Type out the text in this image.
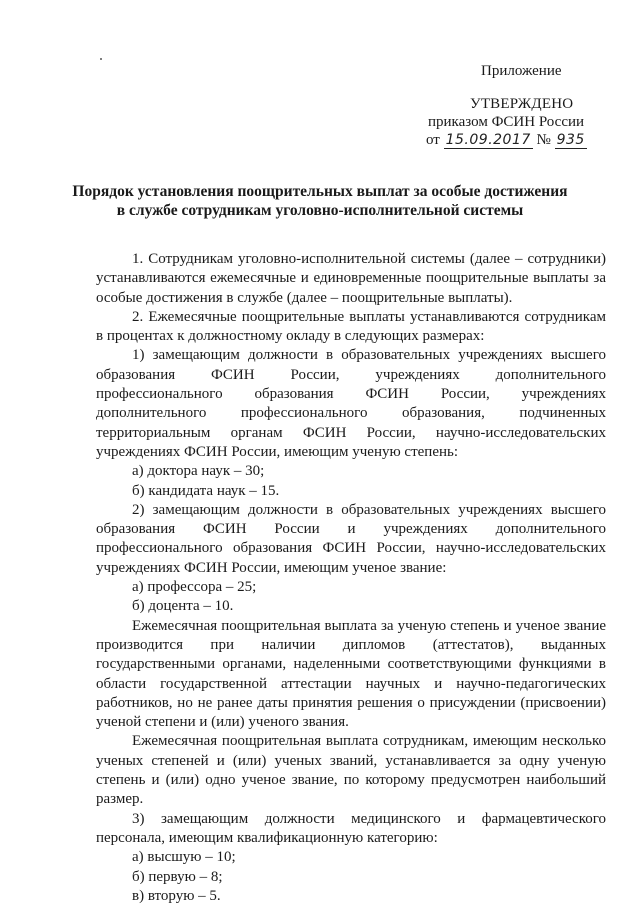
Приложение
УТВЕРЖДЕНО
приказом ФСИН России
от 15.09.2017 № 935
Порядок установления поощрительных выплат за особые достижения
в службе сотрудникам уголовно-исполнительной системы

1. Сотрудникам уголовно-исполнительной системы (далее – сотрудники) устанавливаются ежемесячные и единовременные поощрительные выплаты за особые достижения в службе (далее – поощрительные выплаты).

2. Ежемесячные поощрительные выплаты устанавливаются сотрудникам в процентах к должностному окладу в следующих размерах:

1) замещающим должности в образовательных учреждениях высшего образования ФСИН России, учреждениях дополнительного профессионального образования ФСИН России, учреждениях дополнительного профессионального образования, подчиненных территориальным органам ФСИН России, научно-исследовательских учреждениях ФСИН России, имеющим ученую степень:

а) доктора наук – 30;

б) кандидата наук – 15.

2) замещающим должности в образовательных учреждениях высшего образования ФСИН России и учреждениях дополнительного профессионального образования ФСИН России, научно-исследовательских учреждениях ФСИН России, имеющим ученое звание:

а) профессора – 25;

б) доцента – 10.

Ежемесячная поощрительная выплата за ученую степень и ученое звание производится при наличии дипломов (аттестатов), выданных государственными органами, наделенными соответствующими функциями в области государственной аттестации научных и научно-педагогических работников, но не ранее даты принятия решения о присуждении (присвоении) ученой степени и (или) ученого звания.

Ежемесячная поощрительная выплата сотрудникам, имеющим несколько ученых степеней и (или) ученых званий, устанавливается за одну ученую степень и (или) одно ученое звание, по которому предусмотрен наибольший размер.

3) замещающим должности медицинского и фармацевтического персонала, имеющим квалификационную категорию:

а) высшую – 10;

б) первую – 8;

в) вторую – 5.
